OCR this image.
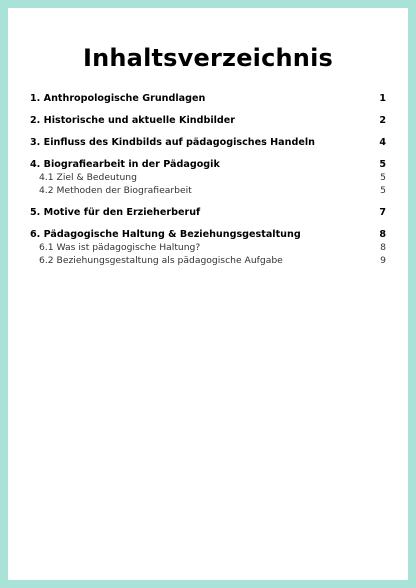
Inhaltsverzeichnis
1. Anthropologische Grundlagen	1
2. Historische und aktuelle Kindbilder	2
3. Einfluss des Kindbilds auf pädagogisches Handeln	4
4. Biografiearbeit in der Pädagogik	5
4.1 Ziel & Bedeutung	5
4.2 Methoden der Biografiearbeit	5
5. Motive für den Erzieherberuf	7
6. Pädagogische Haltung & Beziehungsgestaltung	8
6.1 Was ist pädagogische Haltung?	8
6.2 Beziehungsgestaltung als pädagogische Aufgabe	9
